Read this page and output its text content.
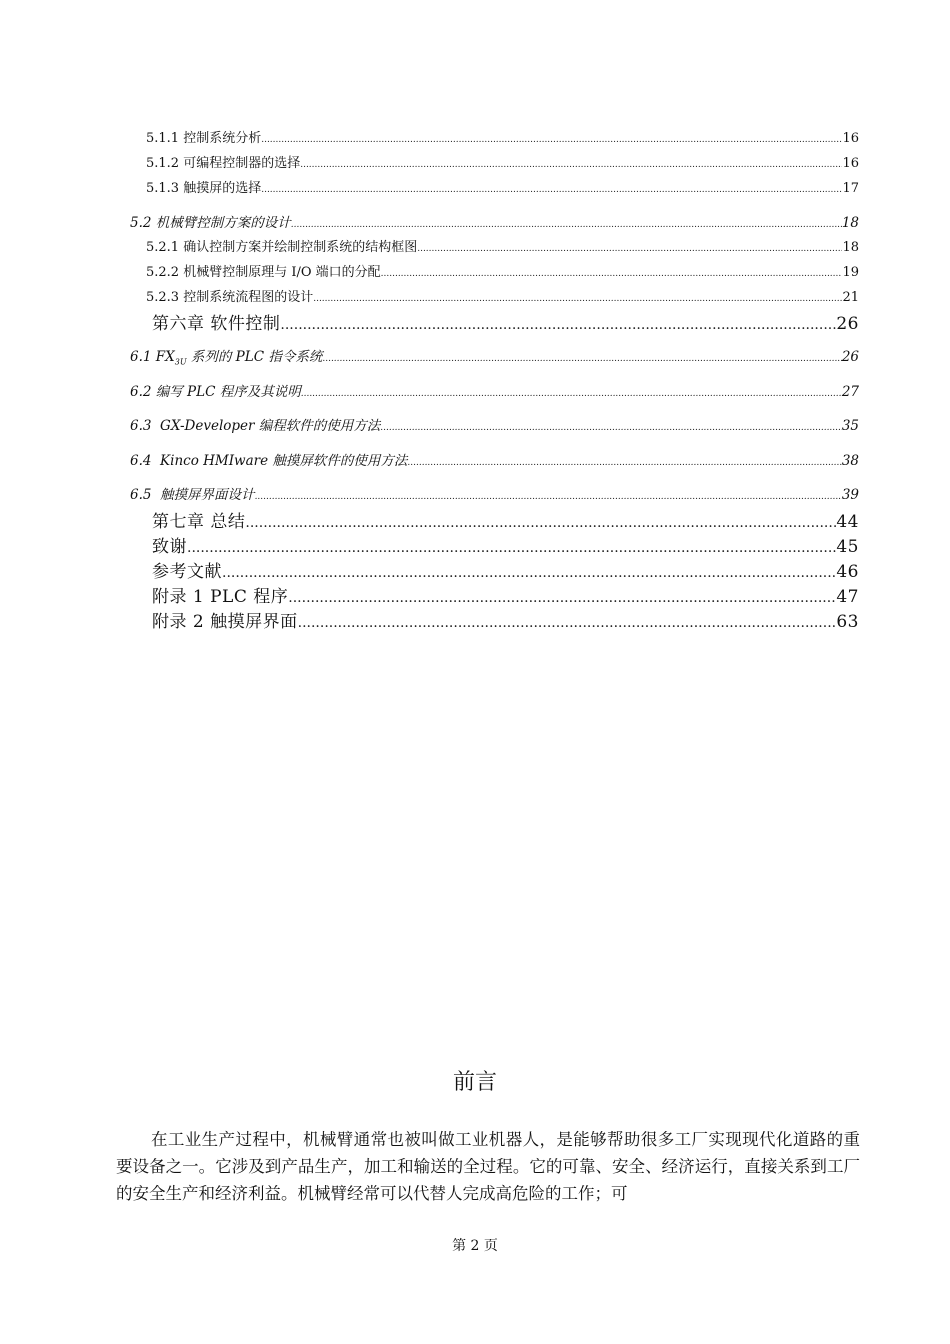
5.1.1 控制系统分析 .....	16
5.1.2 可编程控制器的选择 .....	16
5.1.3 触摸屏的选择 .....	17
5.2 机械臂控制方案的设计 .....	18
5.2.1 确认控制方案并绘制控制系统的结构框图 .....	18
5.2.2 机械臂控制原理与 I/O 端口的分配 .....	19
5.2.3 控制系统流程图的设计 .....	21
第六章 软件控制 .....	26
6.1 $FX_{3U}$ 系列的 PLC 指令系统 .....	26
6.2 编写 PLC 程序及其说明 .....	27
6.3  GX-Developer 编程软件的使用方法 .....	35
6.4  Kinco HMIware 触摸屏软件的使用方法 .....	38
6.5  触摸屏界面设计 .....	39
第七章 总结 .....	44
致谢 .....	45
参考文献 .....	46
附录 1 PLC 程序 .....	47
附录 2 触摸屏界面 .....	63
前言

在工业生产过程中，机械臂通常也被叫做工业机器人，是能够帮助很多工厂实现现代化道路的重要设备之一。它涉及到产品生产，加工和输送的全过程。它的可靠、安全、经济运行，直接关系到工厂的安全生产和经济利益。机械臂经常可以代替人完成高危险的工作；可

第 2 页
